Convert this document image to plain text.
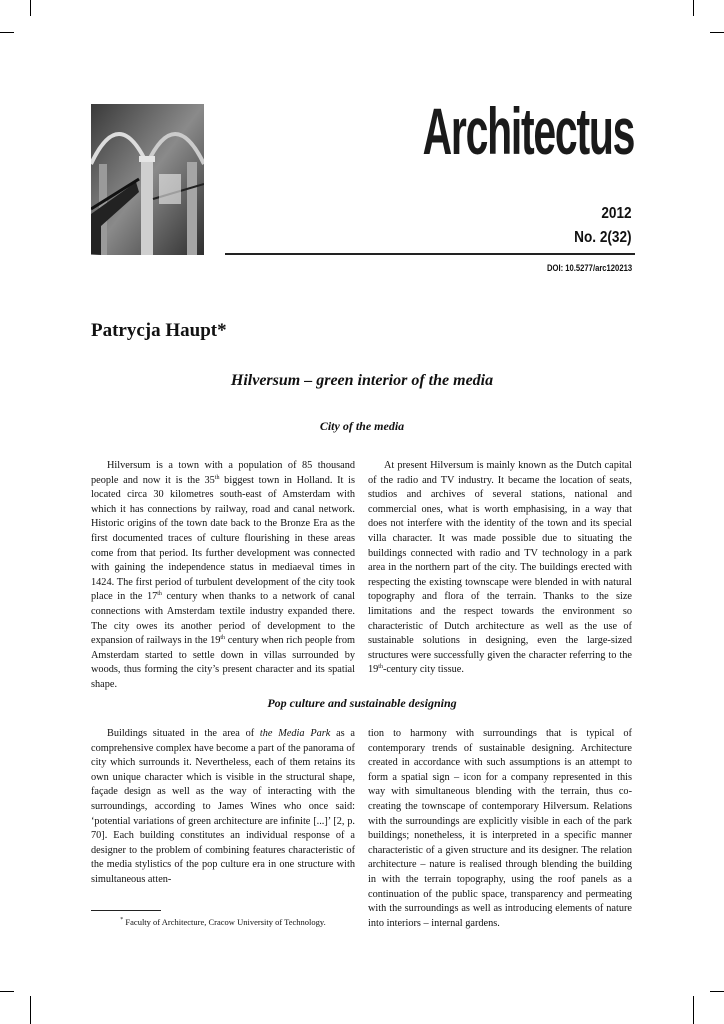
Architectus
2012
No. 2(32)
DOI: 10.5277/arc120213
Patrycja Haupt*
Hilversum – green interior of the media
City of the media

Hilversum is a town with a population of 85 thousand people and now it is the 35th biggest town in Holland. It is located circa 30 kilometres south-east of Amsterdam with which it has connections by railway, road and canal network. Historic origins of the town date back to the Bronze Era as the first documented traces of culture flourishing in these areas come from that period. Its further development was connected with gaining the independence status in mediaeval times in 1424. The first period of turbulent development of the city took place in the 17th century when thanks to a network of canal connections with Amsterdam textile industry expanded there. The city owes its another period of development to the expansion of railways in the 19th century when rich people from Amsterdam started to settle down in villas surrounded by woods, thus forming the city’s present character and its spatial shape.

At present Hilversum is mainly known as the Dutch capital of the radio and TV industry. It became the location of seats, studios and archives of several stations, national and commercial ones, what is worth emphasising, in a way that does not interfere with the identity of the town and its special villa character. It was made possible due to situating the buildings connected with radio and TV technology in a park area in the northern part of the city. The buildings erected with respecting the existing townscape were blended in with natural topography and flora of the terrain. Thanks to the size limitations and the respect towards the environment so characteristic of Dutch architecture as well as the use of sustainable solutions in designing, even the large-sized structures were successfully given the character referring to the 19th-century city tissue.

Pop culture and sustainable designing

Buildings situated in the area of the Media Park as a comprehensive complex have become a part of the panorama of city which surrounds it. Nevertheless, each of them retains its own unique character which is visible in the structural shape, façade design as well as the way of interacting with the surroundings, according to James Wines who once said: ‘potential variations of green architecture are infinite [...]’ [2, p. 70]. Each building constitutes an individual response of a designer to the problem of combining features characteristic of the media stylistics of the pop culture era in one structure with simultaneous atten-

tion to harmony with surroundings that is typical of contemporary trends of sustainable designing. Architecture created in accordance with such assumptions is an attempt to form a spatial sign – icon for a company represented in this way with simultaneous blending with the terrain, thus co-creating the townscape of contemporary Hilversum. Relations with the surroundings are explicitly visible in each of the park buildings; nonetheless, it is interpreted in a specific manner characteristic of a given structure and its designer. The relation architecture – nature is realised through blending the building in with the terrain topography, using the roof panels as a continuation of the public space, transparency and permeating with the surroundings as well as introducing elements of nature into interiors – internal gardens.

* Faculty of Architecture, Cracow University of Technology.
